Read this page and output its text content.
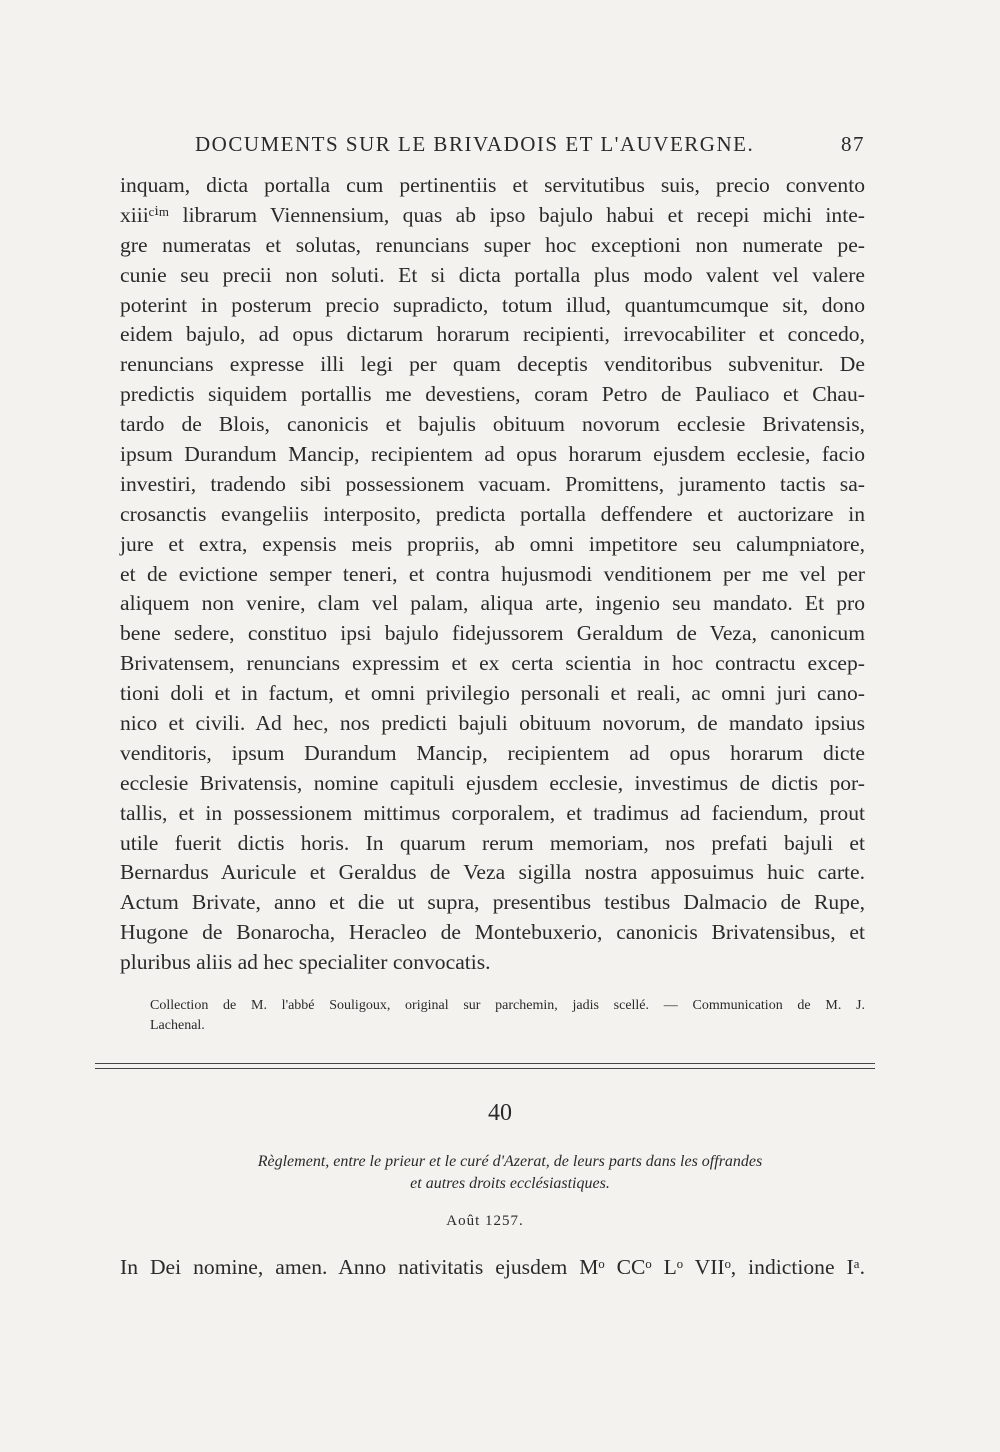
DOCUMENTS SUR LE BRIVADOIS ET L'AUVERGNE.	87
inquam, dicta portalla cum pertinentiis et servitutibus suis, precio convento
xiiiᶜⁱᵐ librarum Viennensium, quas ab ipso bajulo habui et recepi michi inte-
gre numeratas et solutas, renuncians super hoc exceptioni non numerate pe-
cunie seu precii non soluti. Et si dicta portalla plus modo valent vel valere
poterint in posterum precio supradicto, totum illud, quantumcumque sit, dono
eidem bajulo, ad opus dictarum horarum recipienti, irrevocabiliter et concedo,
renuncians expresse illi legi per quam deceptis venditoribus subvenitur. De
predictis siquidem portallis me devestiens, coram Petro de Pauliaco et Chau-
tardo de Blois, canonicis et bajulis obituum novorum ecclesie Brivatensis,
ipsum Durandum Mancip, recipientem ad opus horarum ejusdem ecclesie, facio
investiri, tradendo sibi possessionem vacuam. Promittens, juramento tactis sa-
crosanctis evangeliis interposito, predicta portalla deffendere et auctorizare in
jure et extra, expensis meis propriis, ab omni impetitore seu calumpniatore,
et de evictione semper teneri, et contra hujusmodi venditionem per me vel per
aliquem non venire, clam vel palam, aliqua arte, ingenio seu mandato. Et pro
bene sedere, constituo ipsi bajulo fidejussorem Geraldum de Veza, canonicum
Brivatensem, renuncians expressim et ex certa scientia in hoc contractu excep-
tioni doli et in factum, et omni privilegio personali et reali, ac omni juri cano-
nico et civili. Ad hec, nos predicti bajuli obituum novorum, de mandato ipsius
venditoris, ipsum Durandum Mancip, recipientem ad opus horarum dicte
ecclesie Brivatensis, nomine capituli ejusdem ecclesie, investimus de dictis por-
tallis, et in possessionem mittimus corporalem, et tradimus ad faciendum, prout
utile fuerit dictis horis. In quarum rerum memoriam, nos prefati bajuli et
Bernardus Auricule et Geraldus de Veza sigilla nostra apposuimus huic carte.
Actum Brivate, anno et die ut supra, presentibus testibus Dalmacio de Rupe,
Hugone de Bonarocha, Heracleo de Montebuxerio, canonicis Brivatensibus, et
pluribus aliis ad hec specialiter convocatis.
Collection de M. l'abbé Souligoux, original sur parchemin, jadis scellé. — Communication de M. J.
Lachenal.
40
Règlement, entre le prieur et le curé d'Azerat, de leurs parts dans les offrandes
et autres droits ecclésiastiques.
Août 1257.
In Dei nomine, amen. Anno nativitatis ejusdem Mᵒ CCᵒ Lᵒ VIIᵒ, indictione Iᵃ.
